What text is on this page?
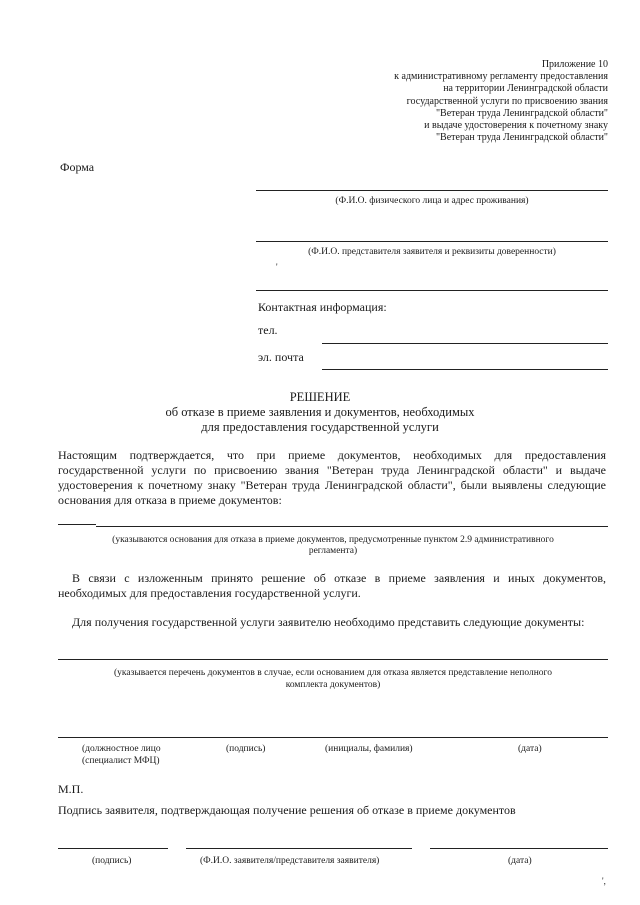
Приложение 10
к административному регламенту предоставления
на территории Ленинградской области
государственной услуги по присвоению звания
"Ветеран труда Ленинградской области"
и выдаче удостоверения к почетному знаку
"Ветеран труда Ленинградской области"
Форма
(Ф.И.О. физического лица и адрес проживания)
(Ф.И.О. представителя заявителя и реквизиты доверенности)
'
Контактная информация:
тел.
эл. почта
РЕШЕНИЕ
об отказе в приеме заявления и документов, необходимых
для предоставления государственной услуги
Настоящим подтверждается, что при приеме документов, необходимых для предоставления государственной услуги по присвоению звания "Ветеран труда Ленинградской области" и выдаче удостоверения к почетному знаку "Ветеран труда Ленинградской области", были выявлены следующие основания для отказа в приеме документов:
(указываются основания для отказа в приеме документов, предусмотренные пунктом 2.9 административного
регламента)
В связи с изложенным принято решение об отказе в приеме заявления и иных документов, необходимых для предоставления государственной услуги.
Для получения государственной услуги заявителю необходимо представить следующие документы:
(указывается перечень документов в случае, если основанием для отказа является представление неполного
комплекта документов)
(должностное лицо
(специалист МФЦ)
(подпись)	(инициалы, фамилия)	(дата)
М.П.
Подпись заявителя, подтверждающая получение решения об отказе в приеме документов
(подпись)	(Ф.И.О. заявителя/представителя заявителя)	(дата)
',
